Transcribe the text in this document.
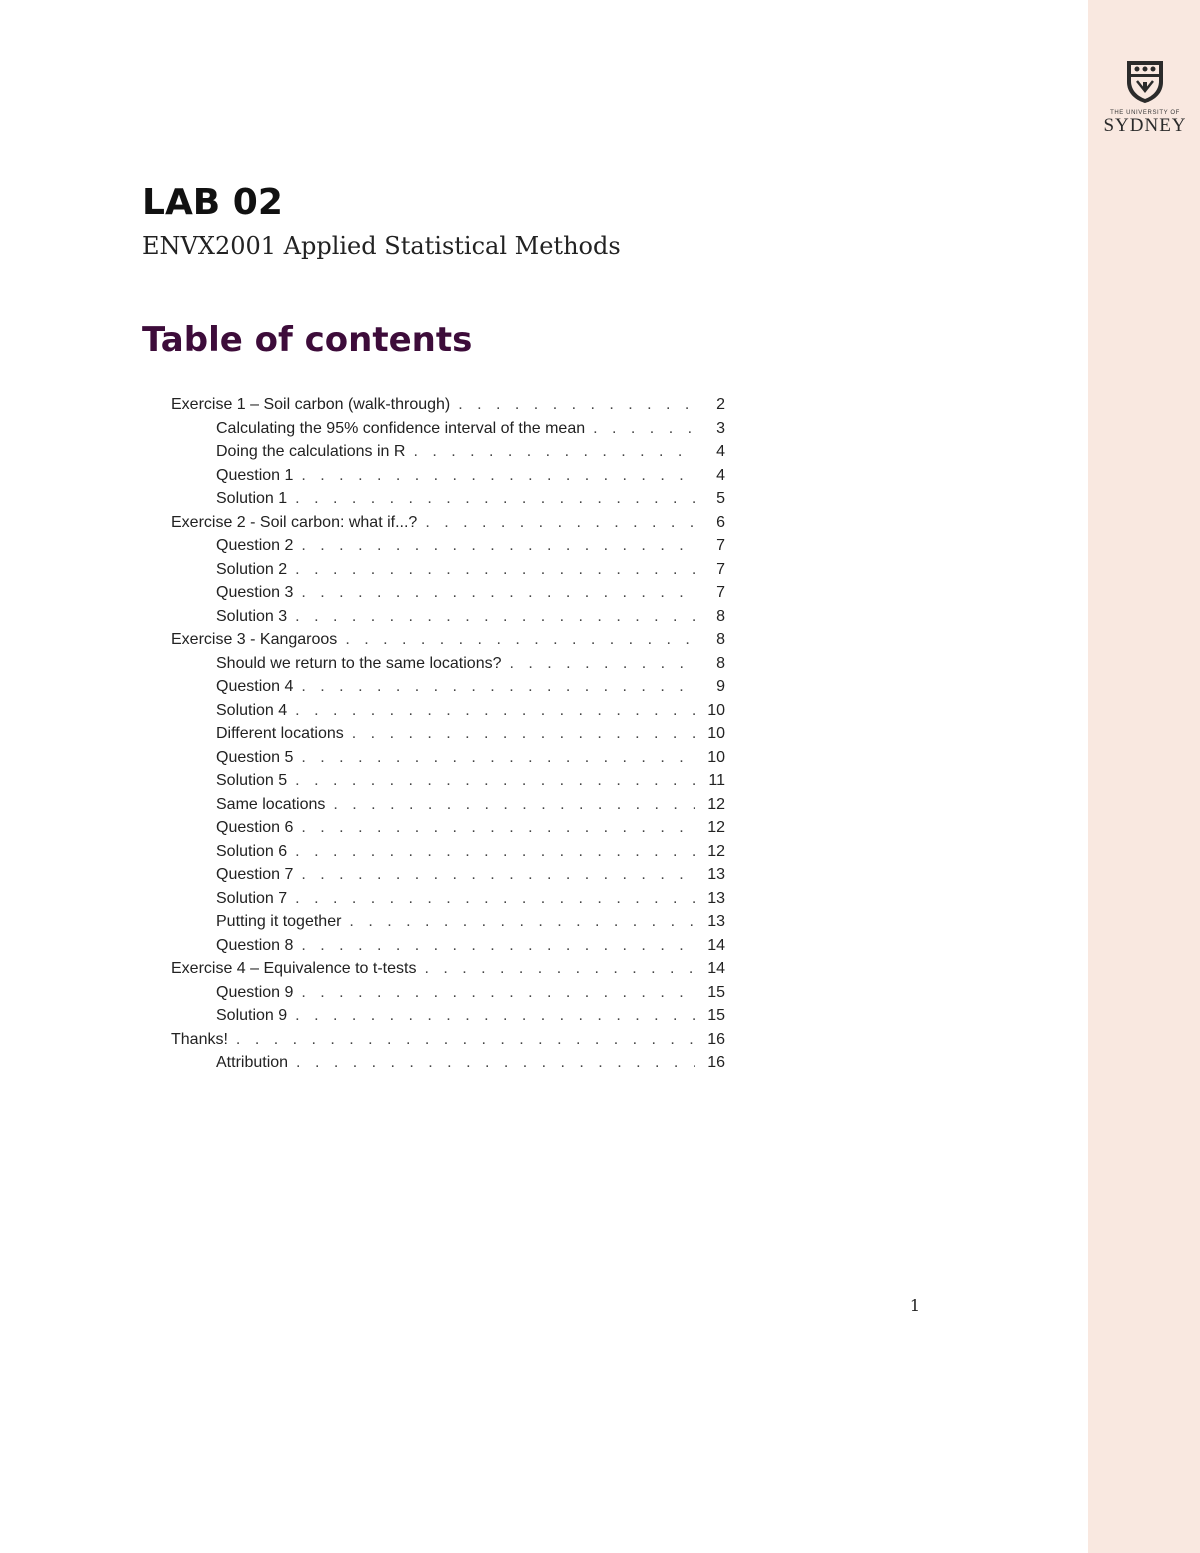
THE UNIVERSITY OF
SYDNEY
LAB 02
ENVX2001 Applied Statistical Methods
Table of contents
Exercise 1 – Soil carbon (walk-through) . . .	2
Calculating the 95% confidence interval of the mean . . .	3
Doing the calculations in R . . .	4
Question 1 . . .	4
Solution 1 . . .	5
Exercise 2 - Soil carbon: what if...? . . .	6
Question 2 . . .	7
Solution 2 . . .	7
Question 3 . . .	7
Solution 3 . . .	8
Exercise 3 - Kangaroos . . .	8
Should we return to the same locations? . . .	8
Question 4 . . .	9
Solution 4 . . .	10
Different locations . . .	10
Question 5 . . .	10
Solution 5 . . .	11
Same locations . . .	12
Question 6 . . .	12
Solution 6 . . .	12
Question 7 . . .	13
Solution 7 . . .	13
Putting it together . . .	13
Question 8 . . .	14
Exercise 4 – Equivalence to t-tests . . .	14
Question 9 . . .	15
Solution 9 . . .	15
Thanks! . . .	16
Attribution . . .	16
1
